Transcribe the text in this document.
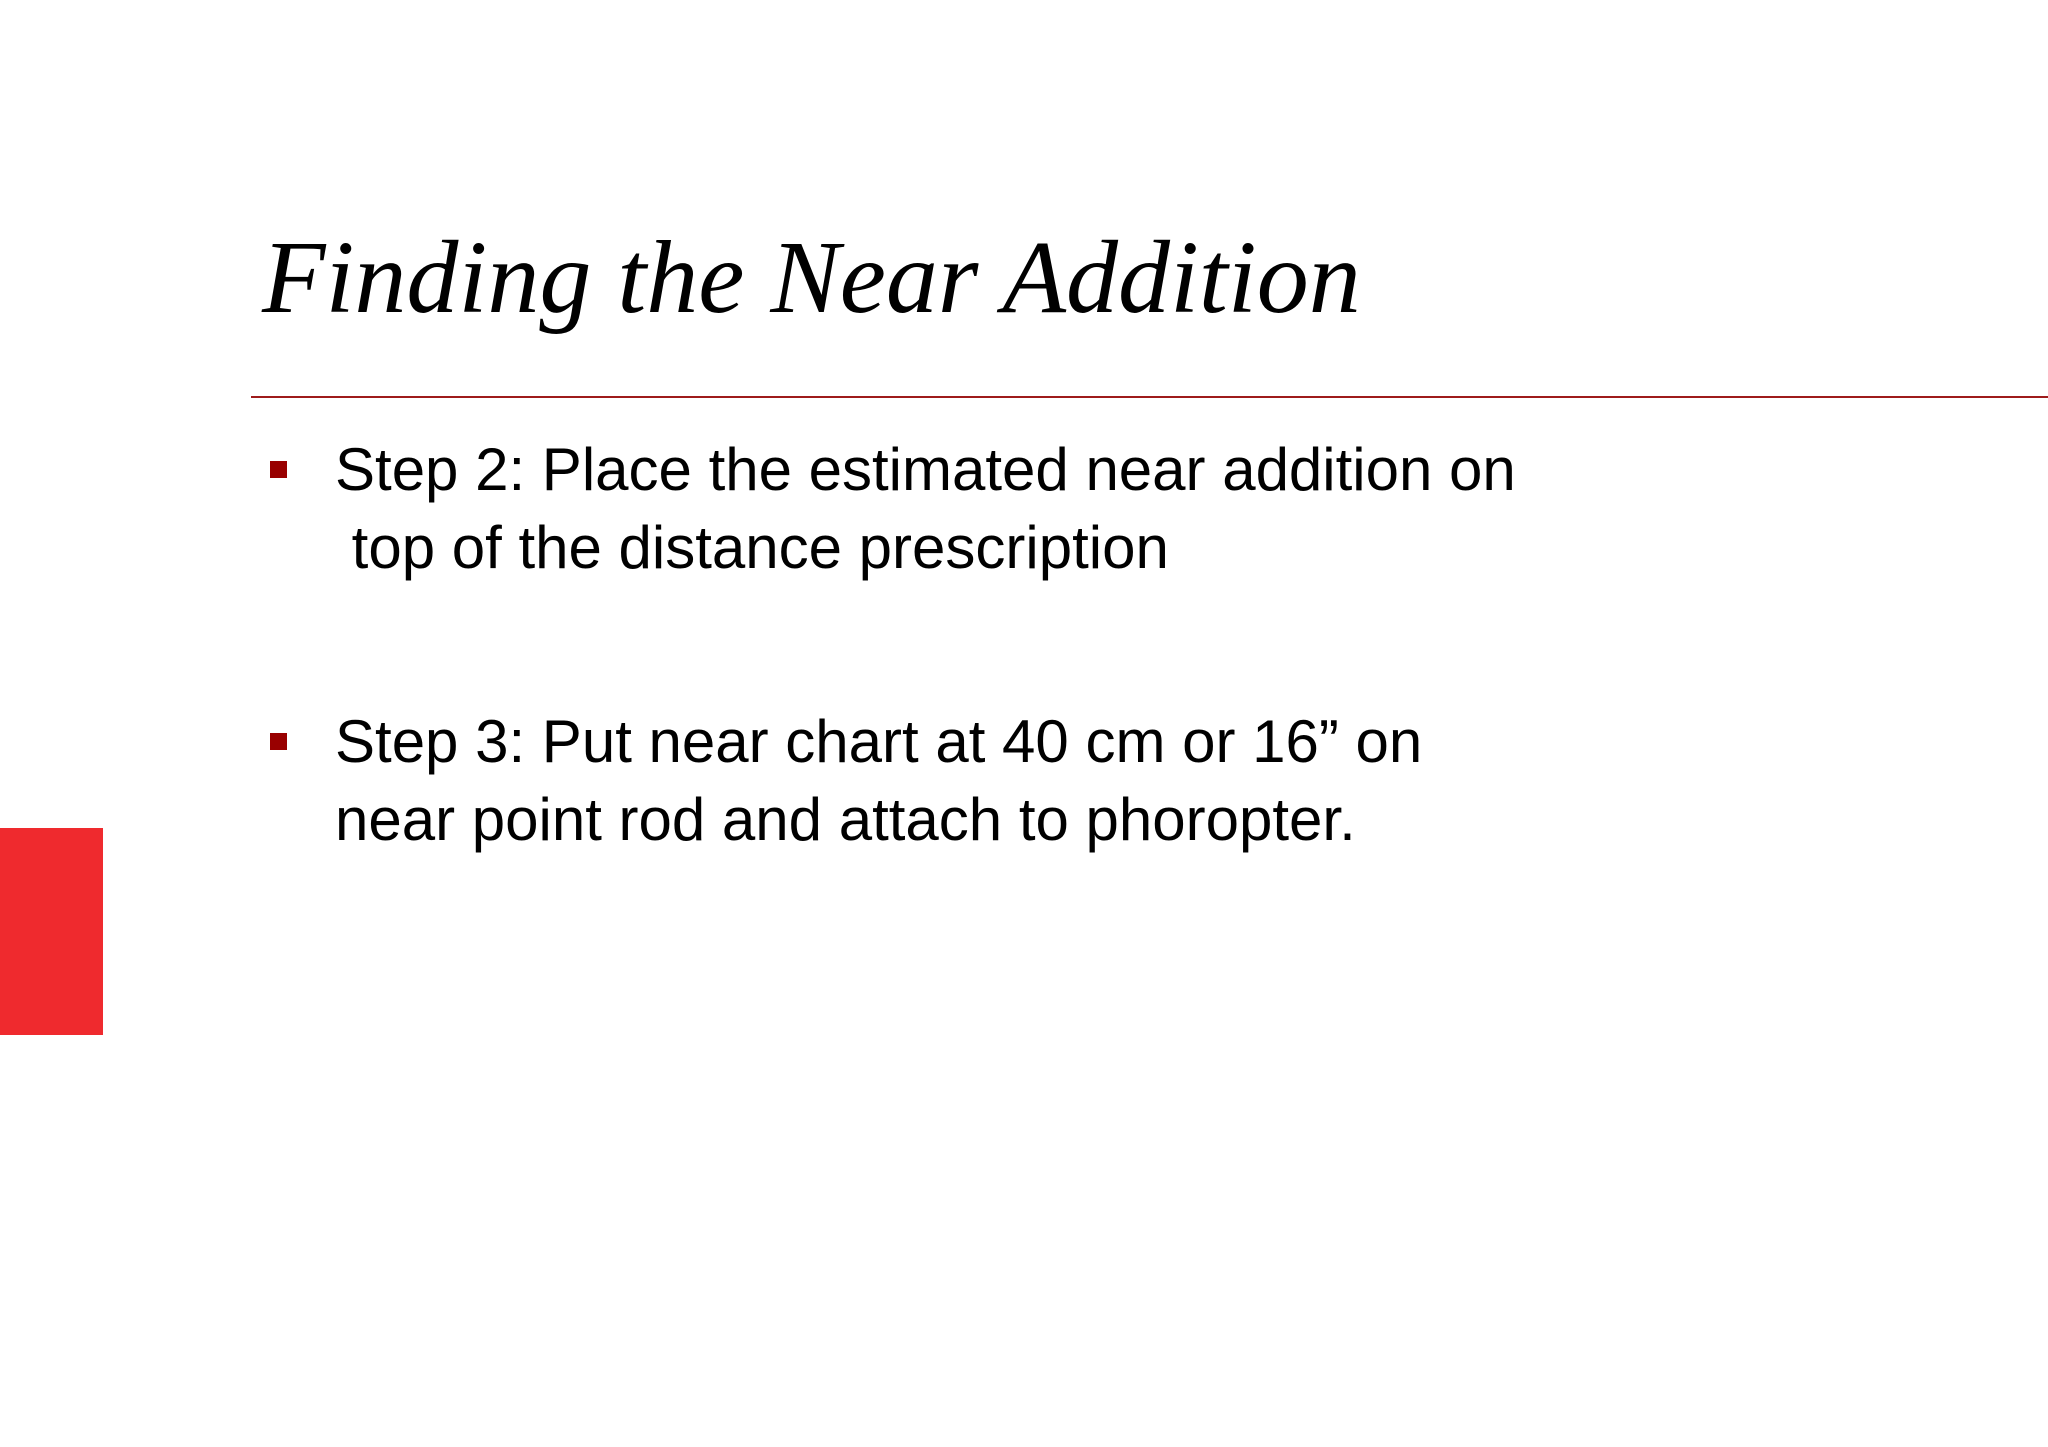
Finding the Near Addition
Step 2: Place the estimated near addition on
top of the distance prescription
Step 3: Put near chart at 40 cm or 16” on
near point rod and attach to phoropter.
